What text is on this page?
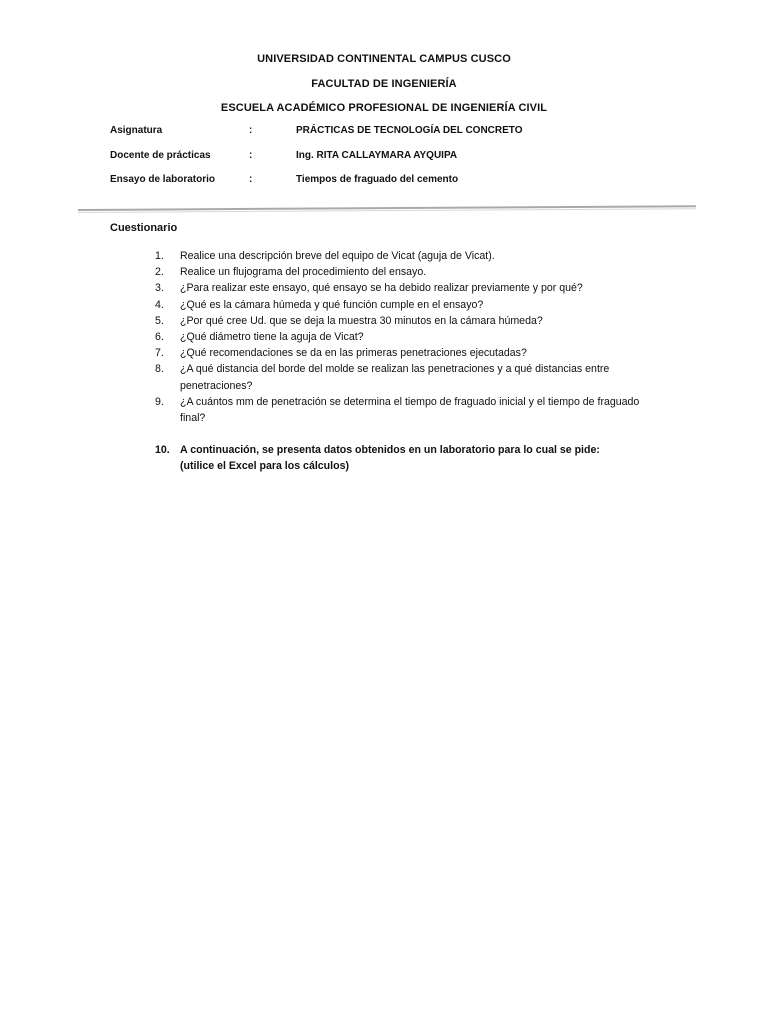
UNIVERSIDAD CONTINENTAL CAMPUS CUSCO
FACULTAD DE INGENIERÍA
ESCUELA ACADÉMICO PROFESIONAL DE INGENIERÍA CIVIL
Asignatura	:	PRÁCTICAS DE TECNOLOGÍA DEL CONCRETO
Docente de prácticas	:	Ing. RITA CALLAYMARA AYQUIPA
Ensayo de laboratorio	:	Tiempos de fraguado del cemento
Cuestionario
1. Realice una descripción breve del equipo de Vicat (aguja de Vicat).
2. Realice un flujograma del procedimiento del ensayo.
3. ¿Para realizar este ensayo, qué ensayo se ha debido realizar previamente y por qué?
4. ¿Qué es la cámara húmeda y qué función cumple en el ensayo?
5. ¿Por qué cree Ud. que se deja la muestra 30 minutos en la cámara húmeda?
6. ¿Qué diámetro tiene la aguja de Vicat?
7. ¿Qué recomendaciones se da en las primeras penetraciones ejecutadas?
8. ¿A qué distancia del borde del molde se realizan las penetraciones y a qué distancias entre penetraciones?
9. ¿A cuántos mm de penetración se determina el tiempo de fraguado inicial y el tiempo de fraguado final?
10. A continuación, se presenta datos obtenidos en un laboratorio para lo cual se pide:
(utilice el Excel para los cálculos)
